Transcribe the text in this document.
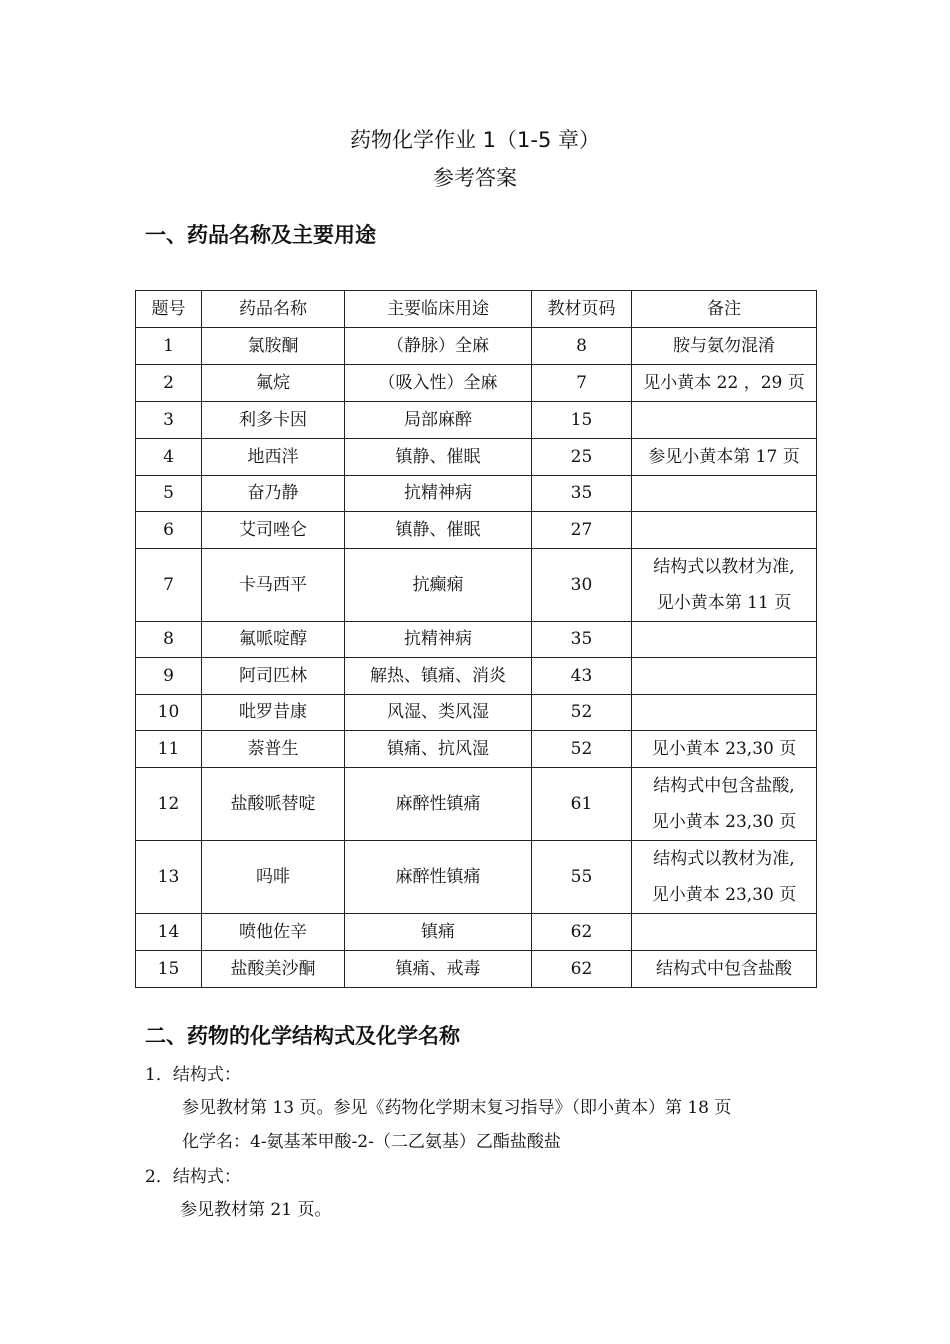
药物化学作业 1（1-5 章）
参考答案
一、药品名称及主要用途
题号	药品名称	主要临床用途	教材页码	备注
1	氯胺酮	（静脉）全麻	8	胺与氨勿混淆

2	氟烷	（吸入性）全麻	7	见小黄本 22 ，29 页

3	利多卡因	局部麻醉	15	
4	地西泮	镇静、催眠	25	参见小黄本第 17 页

5	奋乃静	抗精神病	35	
6	艾司唑仑	镇静、催眠	27	
7	卡马西平	抗癫痫	30	结构式以教材为准,
见小黄本第 11 页

8	氟哌啶醇	抗精神病	35	
9	阿司匹林	解热、镇痛、消炎	43	
10	吡罗昔康	风湿、类风湿	52	
11	萘普生	镇痛、抗风湿	52	见小黄本 23,30 页

12	盐酸哌替啶	麻醉性镇痛	61	结构式中包含盐酸,
见小黄本 23,30 页

13	吗啡	麻醉性镇痛	55	结构式以教材为准,
见小黄本 23,30 页

14	喷他佐辛	镇痛	62	
15	盐酸美沙酮	镇痛、戒毒	62	结构式中包含盐酸
二、药物的化学结构式及化学名称
1．结构式：
参见教材第 13 页。参见《药物化学期末复习指导》（即小黄本）第 18 页
化学名：4-氨基苯甲酸-2-（二乙氨基）乙酯盐酸盐
2．结构式：
参见教材第 21 页。
